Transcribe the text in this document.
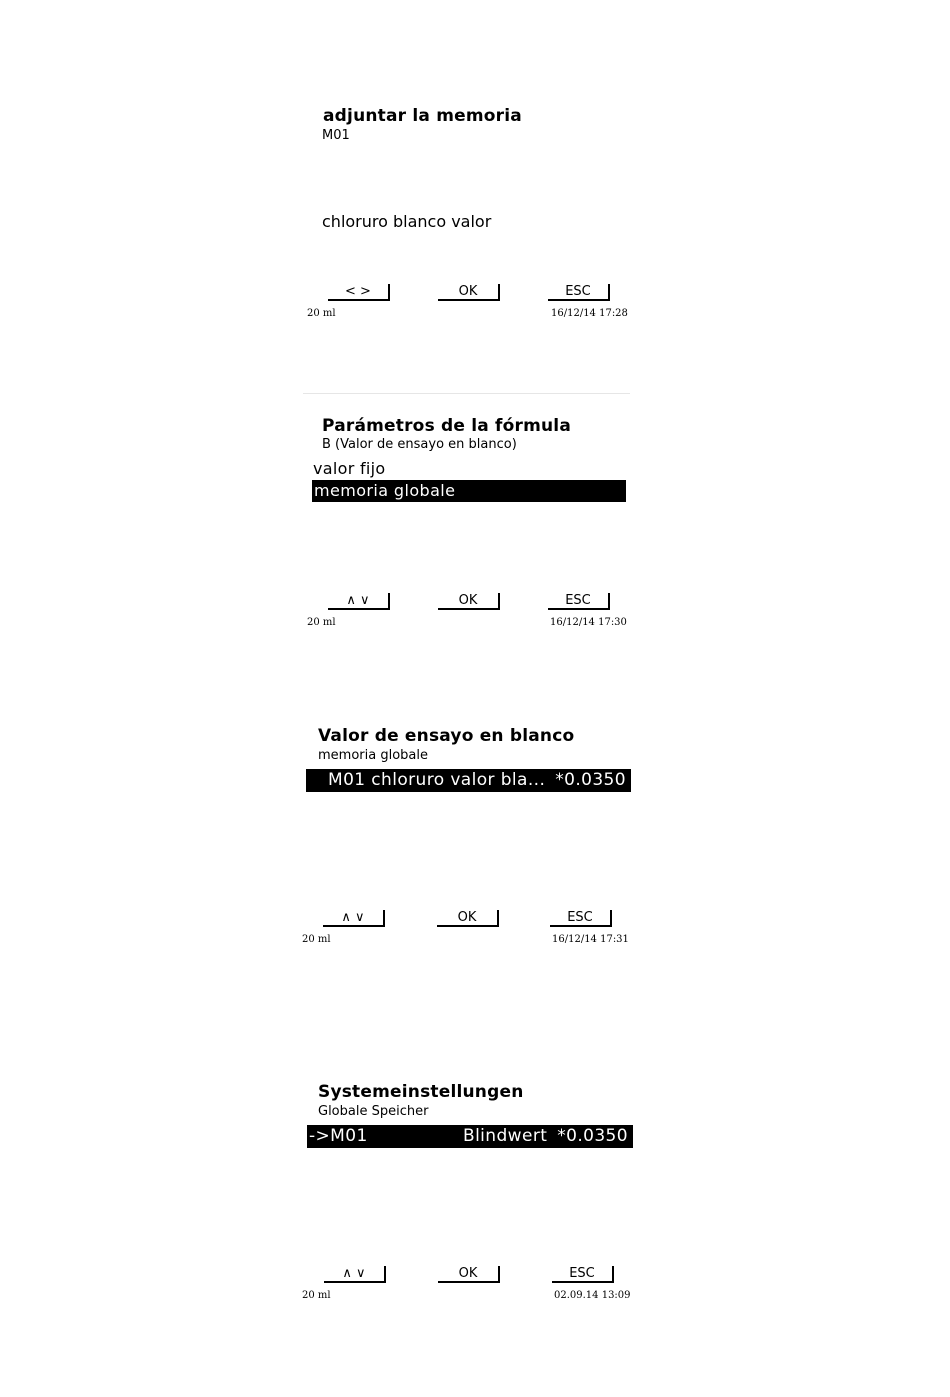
adjuntar la memoria
M01
chloruro blanco valor
< >	OK	ESC
20 ml	16/12/14 17:28
Parámetros de la fórmula
B (Valor de ensayo en blanco)
valor fijo
memoria globale
∧ ∨	OK	ESC
20 ml	16/12/14 17:30
Valor de ensayo en blanco
memoria globale
M01 chloruro valor bla... *0.0350
∧ ∨	OK	ESC
20 ml	16/12/14 17:31
Systemeinstellungen
Globale Speicher
->M01	Blindwert *0.0350
∧ ∨	OK	ESC
20 ml	02.09.14 13:09
